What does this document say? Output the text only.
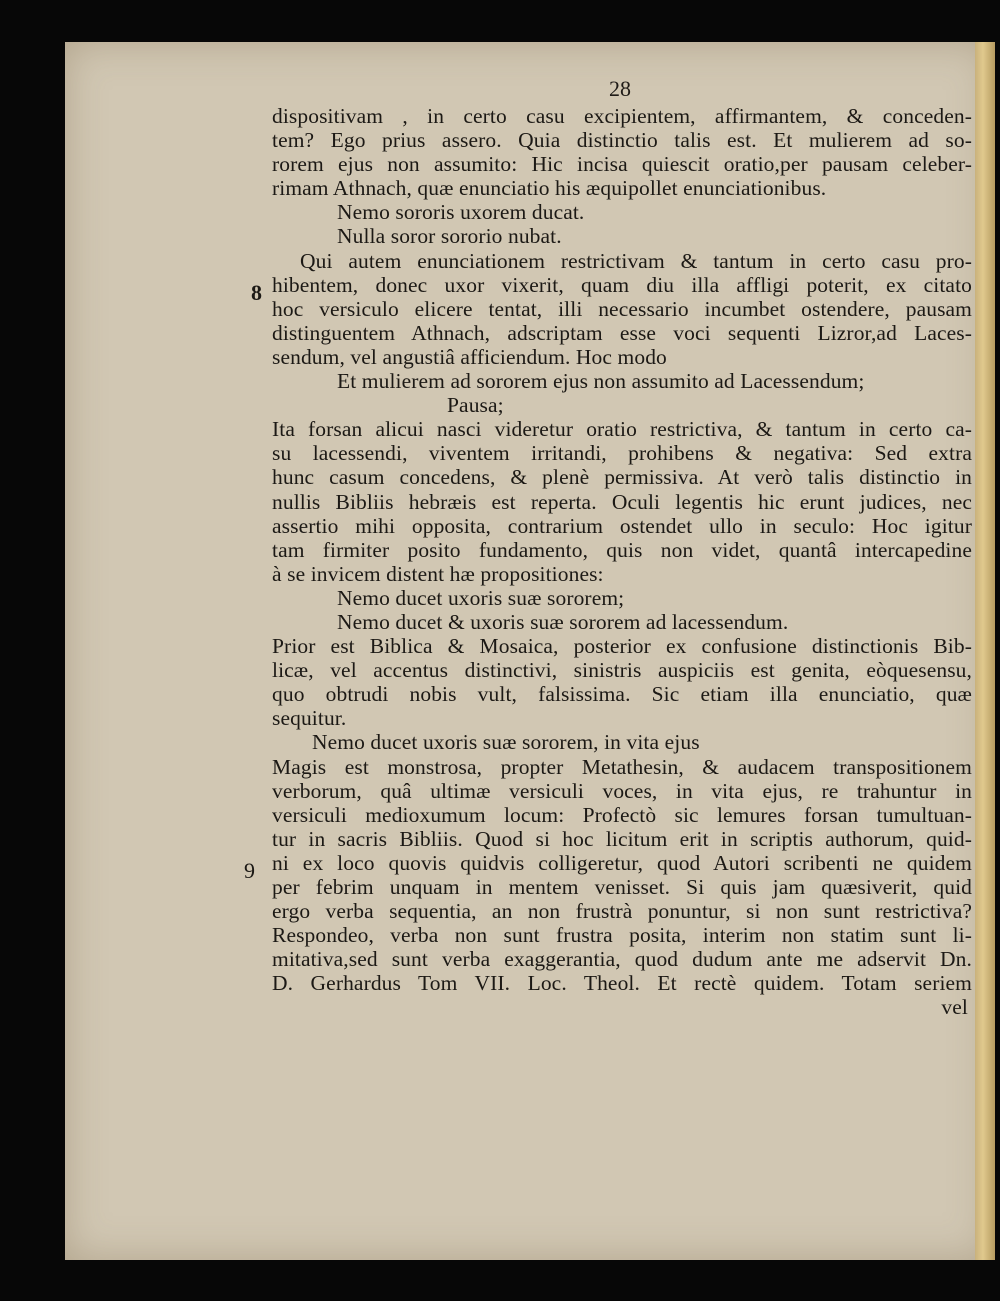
28
8
9
dispositivam , in certo casu excipientem, affirmantem, & conceden-
tem? Ego prius assero. Quia distinctio talis est. Et mulierem ad so-
rorem ejus non assumito: Hic incisa quiescit oratio,per pausam celeber-
rimam Athnach, quæ enunciatio his æquipollet enunciationibus.
Nemo sororis uxorem ducat.
Nulla soror sororio nubat.
Qui autem enunciationem restrictivam & tantum in certo casu pro-
hibentem, donec uxor vixerit, quam diu illa affligi poterit, ex citato
hoc versiculo elicere tentat, illi necessario incumbet ostendere, pausam
distinguentem Athnach, adscriptam esse voci sequenti Lizror,ad Laces-
sendum, vel angustiâ afficiendum. Hoc modo
Et mulierem ad sororem ejus non assumito ad Lacessendum;
Pausa;
Ita forsan alicui nasci videretur oratio restrictiva, & tantum in certo ca-
su lacessendi, viventem irritandi, prohibens & negativa: Sed extra
hunc casum concedens, & plenè permissiva. At verò talis distinctio in
nullis Bibliis hebræis est reperta. Oculi legentis hic erunt judices, nec
assertio mihi opposita, contrarium ostendet ullo in seculo: Hoc igitur
tam firmiter posito fundamento, quis non videt, quantâ intercapedine
à se invicem distent hæ propositiones:
Nemo ducet uxoris suæ sororem;
Nemo ducet & uxoris suæ sororem ad lacessendum.
Prior est Biblica & Mosaica, posterior ex confusione distinctionis Bib-
licæ, vel accentus distinctivi, sinistris auspiciis est genita, eòquesensu,
quo obtrudi nobis vult, falsissima. Sic etiam illa enunciatio, quæ
sequitur.
Nemo ducet uxoris suæ sororem, in vita ejus
Magis est monstrosa, propter Metathesin, & audacem transpositionem
verborum, quâ ultimæ versiculi voces, in vita ejus, re trahuntur in
versiculi medioxumum locum: Profectò sic lemures forsan tumultuan-
tur in sacris Bibliis. Quod si hoc licitum erit in scriptis authorum, quid-
ni ex loco quovis quidvis colligeretur, quod Autori scribenti ne quidem
per febrim unquam in mentem venisset. Si quis jam quæsiverit, quid
ergo verba sequentia, an non frustrà ponuntur, si non sunt restrictiva?
Respondeo, verba non sunt frustra posita, interim non statim sunt li-
mitativa,sed sunt verba exaggerantia, quod dudum ante me adservit Dn.
D. Gerhardus Tom VII. Loc. Theol. Et rectè quidem. Totam seriem
vel
